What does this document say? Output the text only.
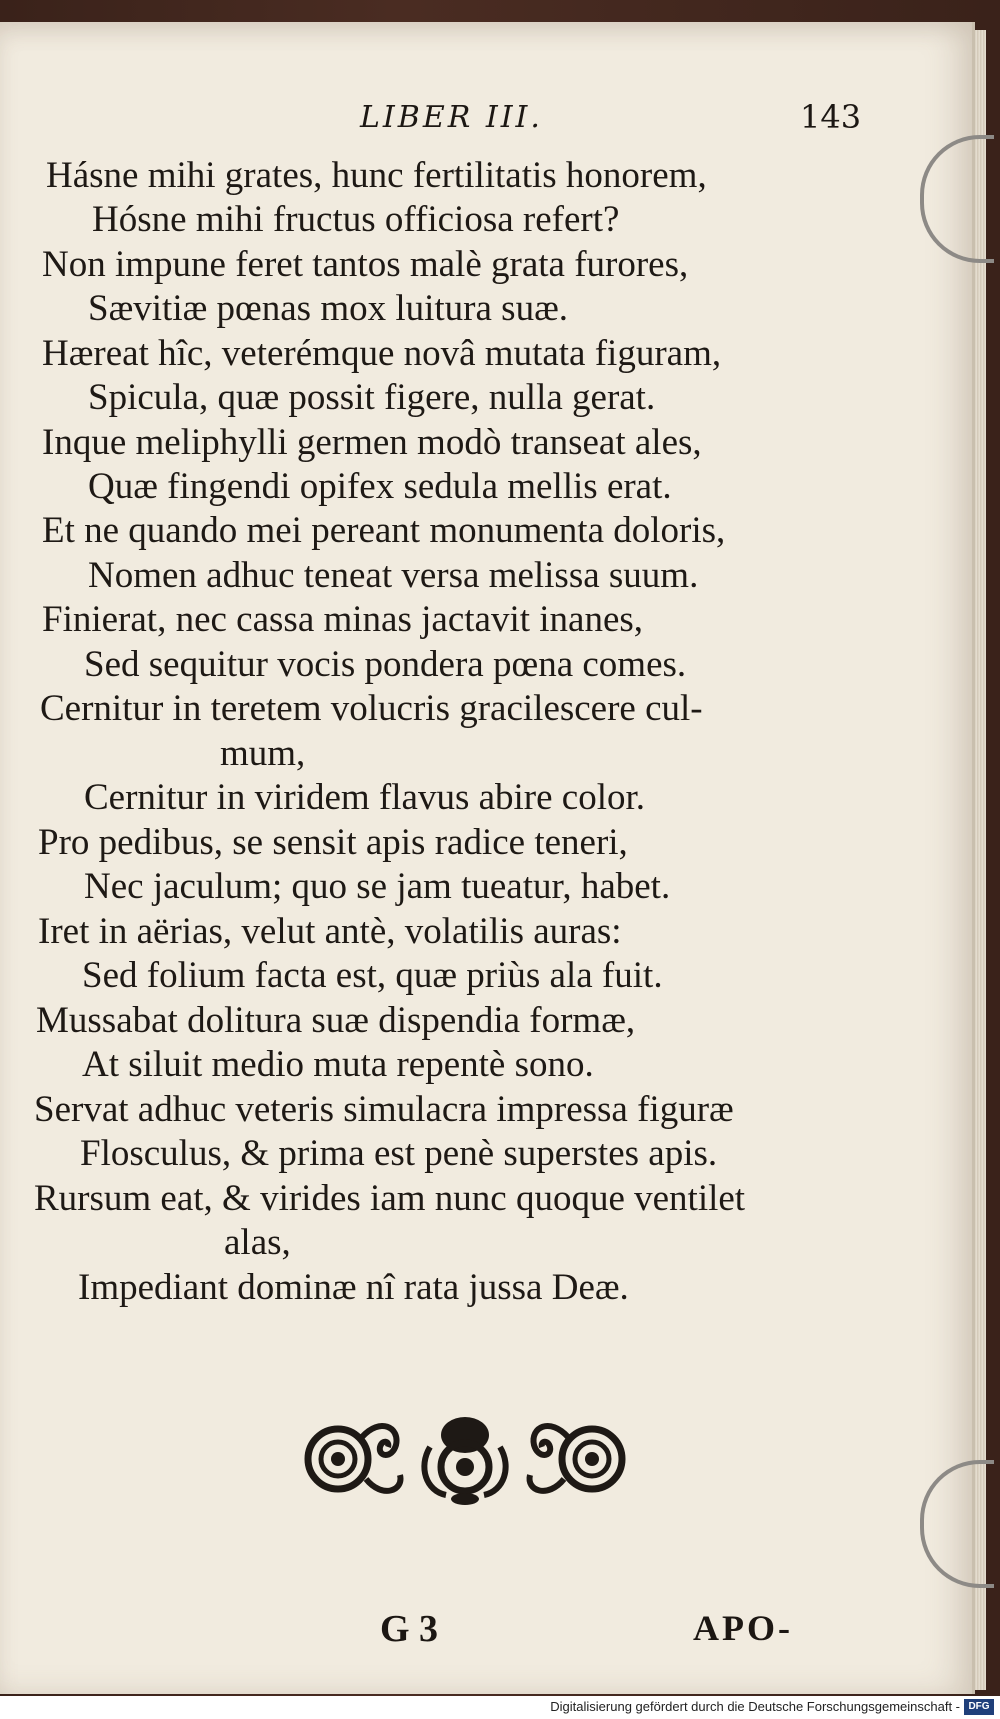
LIBER III.	143
Hásne mihi grates, hunc fertilitatis honorem,
Hósne mihi fructus officiosa refert?
Non impune feret tantos malè grata furores,
Sævitiæ pœnas mox luitura suæ.
Hæreat hîc, veterémque novâ mutata figuram,
Spicula, quæ possit figere, nulla gerat.
Inque meliphylli germen modò transeat ales,
Quæ fingendi opifex sedula mellis erat.
Et ne quando mei pereant monumenta doloris,
Nomen adhuc teneat versa melissa suum.
Finierat, nec cassa minas jactavit inanes,
Sed sequitur vocis pondera pœna comes.
Cernitur in teretem volucris gracilescere cul-
mum,
Cernitur in viridem flavus abire color.
Pro pedibus, se sensit apis radice teneri,
Nec jaculum; quo se jam tueatur, habet.
Iret in aërias, velut antè, volatilis auras:
Sed folium facta est, quæ priùs ala fuit.
Mussabat dolitura suæ dispendia formæ,
At siluit medio muta repentè sono.
Servat adhuc veteris simulacra impressa figuræ
Flosculus, & prima est penè superstes apis.
Rursum eat, & virides iam nunc quoque ventilet
alas,
Impediant dominæ nî rata jussa Deæ.
G 3	APO-
Digitalisierung gefördert durch die Deutsche Forschungsgemeinschaft - DFG
